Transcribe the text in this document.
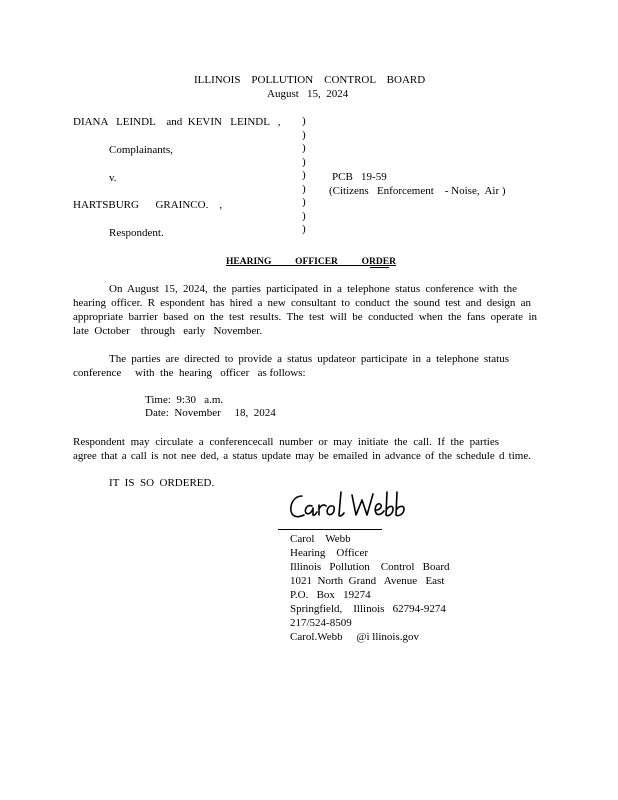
ILLINOIS    POLLUTION    CONTROL    BOARD
August   15,  2024
DIANA   LEINDL    and  KEVIN   LEINDL   ,
Complainants,
v.
HARTSBURG      GRAINCO.    ,
Respondent.
)
)
)
)
)
)
)
)
)
PCB   19-59
(Citizens   Enforcement    - Noise,  Air )
HEARING          OFFICER          ORDER
On August 15, 2024, the parties participated in a telephone status conference with the
hearing officer. R espondent has hired a new consultant to conduct the sound test and design an
appropriate barrier based on the test results. The test will be conducted when the fans operate in
late  October    through   early   November.
The parties are directed to provide a status updateor participate in a telephone status
conference     with  the  hearing   officer   as follows:
Time:  9:30   a.m.
Date:  November     18,  2024
Respondent may circulate a conferencecall number or may initiate the call. If the parties
agree that a call is not nee ded, a status update may be emailed in advance of the schedule d time.
IT  IS  SO  ORDERED.
Carol    Webb
Hearing    Officer
Illinois   Pollution    Control   Board
1021  North  Grand   Avenue   East
P.O.   Box   19274
Springfield,    Illinois   62794-9274
217/524-8509
Carol.Webb     @i llinois.gov
